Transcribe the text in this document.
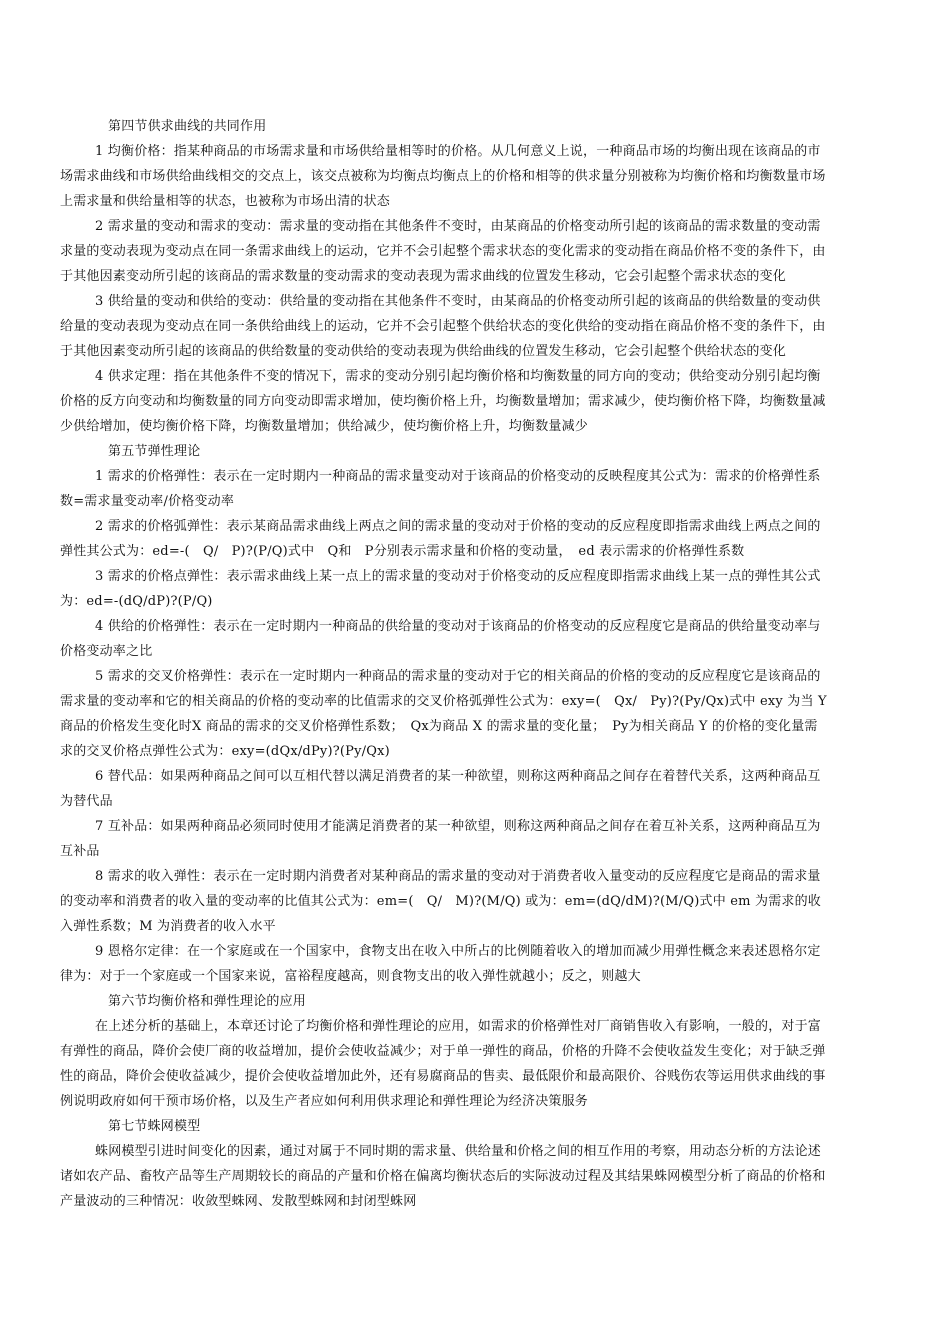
第四节供求曲线的共同作用
1 均衡价格：指某种商品的市场需求量和市场供给量相等时的价格。从几何意义上说，一种商品市场的均衡出现在该商品的市
场需求曲线和市场供给曲线相交的交点上，该交点被称为均衡点均衡点上的价格和相等的供求量分别被称为均衡价格和均衡数量市场
上需求量和供给量相等的状态，也被称为市场出清的状态
2 需求量的变动和需求的变动：需求量的变动指在其他条件不变时，由某商品的价格变动所引起的该商品的需求数量的变动需
求量的变动表现为变动点在同一条需求曲线上的运动，它并不会引起整个需求状态的变化需求的变动指在商品价格不变的条件下，由
于其他因素变动所引起的该商品的需求数量的变动需求的变动表现为需求曲线的位置发生移动，它会引起整个需求状态的变化
3 供给量的变动和供给的变动：供给量的变动指在其他条件不变时，由某商品的价格变动所引起的该商品的供给数量的变动供
给量的变动表现为变动点在同一条供给曲线上的运动，它并不会引起整个供给状态的变化供给的变动指在商品价格不变的条件下，由
于其他因素变动所引起的该商品的供给数量的变动供给的变动表现为供给曲线的位置发生移动，它会引起整个供给状态的变化
4 供求定理：指在其他条件不变的情况下，需求的变动分别引起均衡价格和均衡数量的同方向的变动；供给变动分别引起均衡
价格的反方向变动和均衡数量的同方向变动即需求增加，使均衡价格上升，均衡数量增加；需求减少，使均衡价格下降，均衡数量减
少供给增加，使均衡价格下降，均衡数量增加；供给减少，使均衡价格上升，均衡数量减少
第五节弹性理论
1 需求的价格弹性：表示在一定时期内一种商品的需求量变动对于该商品的价格变动的反映程度其公式为：需求的价格弹性系
数=需求量变动率/价格变动率
2 需求的价格弧弹性：表示某商品需求曲线上两点之间的需求量的变动对于价格的变动的反应程度即指需求曲线上两点之间的
弹性其公式为：ed=-(　Q/　P)?(P/Q)式中　Q和　P分别表示需求量和价格的变动量，　ed 表示需求的价格弹性系数
3 需求的价格点弹性：表示需求曲线上某一点上的需求量的变动对于价格变动的反应程度即指需求曲线上某一点的弹性其公式
为：ed=-(dQ/dP)?(P/Q)
4 供给的价格弹性：表示在一定时期内一种商品的供给量的变动对于该商品的价格变动的反应程度它是商品的供给量变动率与
价格变动率之比
5 需求的交叉价格弹性：表示在一定时期内一种商品的需求量的变动对于它的相关商品的价格的变动的反应程度它是该商品的
需求量的变动率和它的相关商品的价格的变动率的比值需求的交叉价格弧弹性公式为：exy=(　Qx/　Py)?(Py/Qx)式中 exy 为当 Y
商品的价格发生变化时X 商品的需求的交叉价格弹性系数；　Qx为商品 X 的需求量的变化量；　Py为相关商品 Y 的价格的变化量需
求的交叉价格点弹性公式为：exy=(dQx/dPy)?(Py/Qx)
6 替代品：如果两种商品之间可以互相代替以满足消费者的某一种欲望，则称这两种商品之间存在着替代关系，这两种商品互
为替代品
7 互补品：如果两种商品必须同时使用才能满足消费者的某一种欲望，则称这两种商品之间存在着互补关系，这两种商品互为
互补品
8 需求的收入弹性：表示在一定时期内消费者对某种商品的需求量的变动对于消费者收入量变动的反应程度它是商品的需求量
的变动率和消费者的收入量的变动率的比值其公式为：em=(　Q/　M)?(M/Q) 或为：em=(dQ/dM)?(M/Q)式中 em 为需求的收
入弹性系数；M 为消费者的收入水平
9 恩格尔定律：在一个家庭或在一个国家中，食物支出在收入中所占的比例随着收入的增加而减少用弹性概念来表述恩格尔定
律为：对于一个家庭或一个国家来说，富裕程度越高，则食物支出的收入弹性就越小；反之，则越大
第六节均衡价格和弹性理论的应用
在上述分析的基础上，本章还讨论了均衡价格和弹性理论的应用，如需求的价格弹性对厂商销售收入有影响，一般的，对于富
有弹性的商品，降价会使厂商的收益增加，提价会使收益减少；对于单一弹性的商品，价格的升降不会使收益发生变化；对于缺乏弹
性的商品，降价会使收益减少，提价会使收益增加此外，还有易腐商品的售卖、最低限价和最高限价、谷贱伤农等运用供求曲线的事
例说明政府如何干预市场价格，以及生产者应如何利用供求理论和弹性理论为经济决策服务
第七节蛛网模型
蛛网模型引进时间变化的因素，通过对属于不同时期的需求量、供给量和价格之间的相互作用的考察，用动态分析的方法论述
诸如农产品、畜牧产品等生产周期较长的商品的产量和价格在偏离均衡状态后的实际波动过程及其结果蛛网模型分析了商品的价格和
产量波动的三种情况：收敛型蛛网、发散型蛛网和封闭型蛛网
